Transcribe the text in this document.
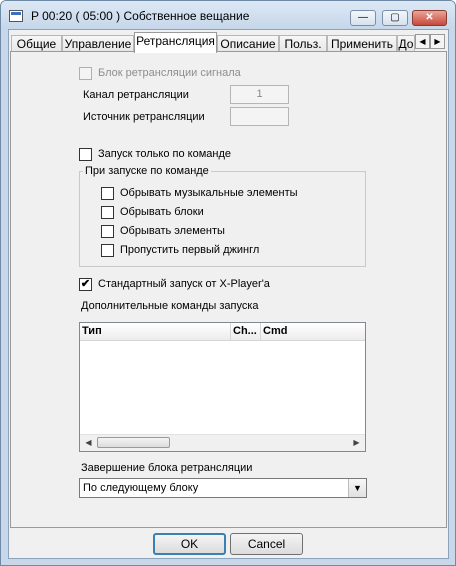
P 00:20 ( 05:00 ) Собственное вещание	—	▢	✕
Общие Управление Ретрансляция Описание Польз. Применить До ◀	▶
Блок ретрансляции сигнала
Канал ретрансляции	1
Источник ретрансляции
Запуск только по команде
При запуске по команде
Обрывать музыкальные элементы
Обрывать блоки
Обрывать элементы
Пропустить первый джингл
✔ Стандартный запуск от X-Player'a
Дополнительные команды запуска
Тип	Ch... Cmd
◀	▶
Завершение блока ретрансляции
По следующему блоку	▼
OK	Cancel
